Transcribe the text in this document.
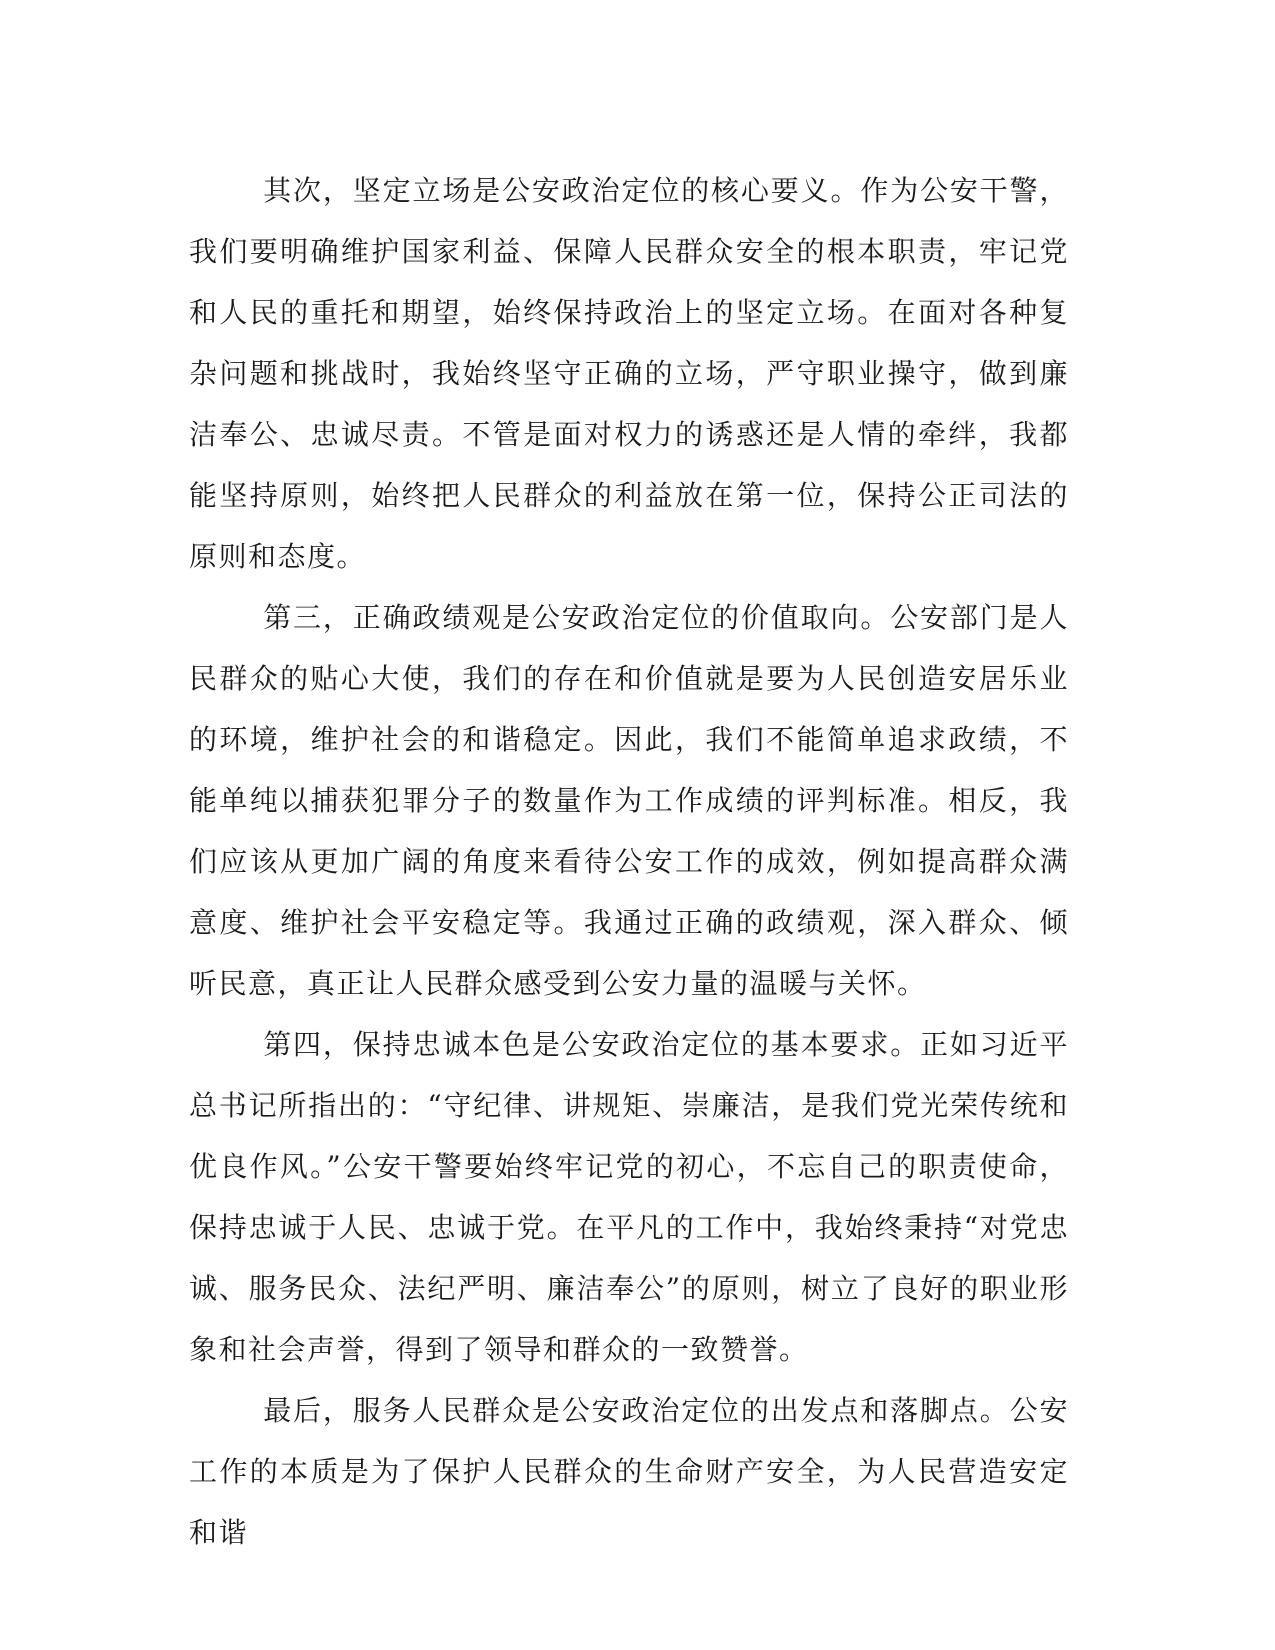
其次，坚定立场是公安政治定位的核心要义。作为公安干警，我们要明确维护国家利益、保障人民群众安全的根本职责，牢记党和人民的重托和期望，始终保持政治上的坚定立场。在面对各种复杂问题和挑战时，我始终坚守正确的立场，严守职业操守，做到廉洁奉公、忠诚尽责。不管是面对权力的诱惑还是人情的牵绊，我都能坚持原则，始终把人民群众的利益放在第一位，保持公正司法的原则和态度。

第三，正确政绩观是公安政治定位的价值取向。公安部门是人民群众的贴心大使，我们的存在和价值就是要为人民创造安居乐业的环境，维护社会的和谐稳定。因此，我们不能简单追求政绩，不能单纯以捕获犯罪分子的数量作为工作成绩的评判标准。相反，我们应该从更加广阔的角度来看待公安工作的成效，例如提高群众满意度、维护社会平安稳定等。我通过正确的政绩观，深入群众、倾听民意，真正让人民群众感受到公安力量的温暖与关怀。

第四，保持忠诚本色是公安政治定位的基本要求。正如习近平总书记所指出的：“守纪律、讲规矩、崇廉洁，是我们党光荣传统和优良作风。”公安干警要始终牢记党的初心，不忘自己的职责使命，保持忠诚于人民、忠诚于党。在平凡的工作中，我始终秉持“对党忠诚、服务民众、法纪严明、廉洁奉公”的原则，树立了良好的职业形象和社会声誉，得到了领导和群众的一致赞誉。

最后，服务人民群众是公安政治定位的出发点和落脚点。公安工作的本质是为了保护人民群众的生命财产安全，为人民营造安定和谐
